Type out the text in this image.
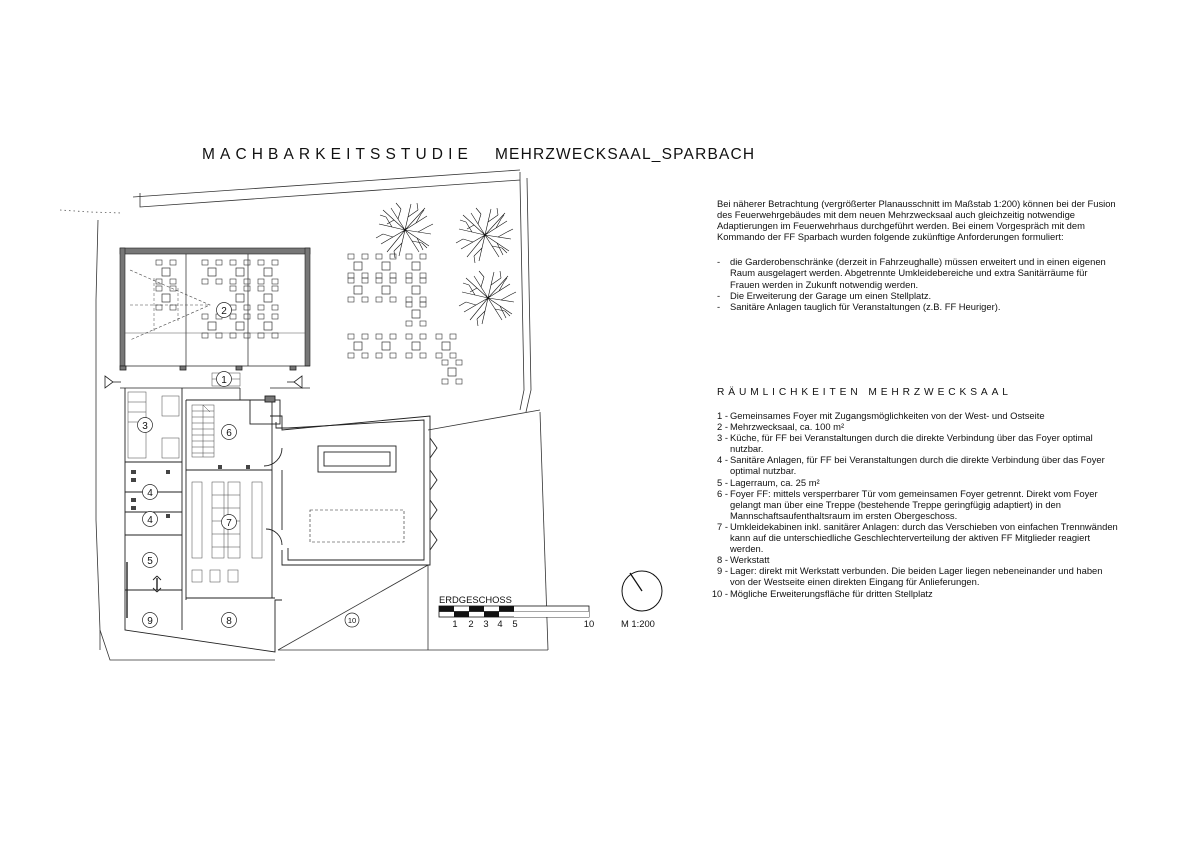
MACHBARKEITSSTUDIE MEHRZWECKSAAL_SPARBACH
1
2
3
4
4
5
6
7
8
9	10	1 2 3 4 5	10

Bei näherer Betrachtung (vergrößerter Planausschnitt im Maßstab 1:200) können bei der Fusion des Feuerwehrgebäudes mit dem neuen Mehrzwecksaal auch gleichzeitig notwendige Adaptierungen im Feuerwehrhaus durchgeführt werden. Bei einem Vorgespräch mit dem Kommando der FF Sparbach wurden folgende zukünftige Anforderungen formuliert:

- die Garderobenschränke (derzeit in Fahrzeughalle) müssen erweitert und in einen eigenen Raum ausgelagert werden. Abgetrennte Umkleidebereiche und extra Sanitärräume für Frauen werden in Zukunft notwendig werden.
- Die Erweiterung der Garage um einen Stellplatz.
- Sanitäre Anlagen tauglich für Veranstaltungen (z.B. FF Heuriger).
RÄUMLICHKEITEN MEHRZWECKSAAL
1 - Gemeinsames Foyer mit Zugangsmöglichkeiten von der West- und Ostseite
2 - Mehrzwecksaal, ca. 100 m²
3 - Küche, für FF bei Veranstaltungen durch die direkte Verbindung über das Foyer optimal nutzbar.
4 - Sanitäre Anlagen, für FF bei Veranstaltungen durch die direkte Verbindung über das Foyer optimal nutzbar.
5 - Lagerraum, ca. 25 m²
6 - Foyer FF: mittels versperrbarer Tür vom gemeinsamen Foyer getrennt. Direkt vom Foyer gelangt man über eine Treppe (bestehende Treppe geringfügig adaptiert) in den Mannschaftsaufenthaltsraum im ersten Obergeschoss.
7 - Umkleidekabinen inkl. sanitärer Anlagen: durch das Verschieben von einfachen Trennwänden kann auf die unterschiedliche Geschlechterverteilung der aktiven FF Mitglieder reagiert werden.
8 - Werkstatt
9 - Lager: direkt mit Werkstatt verbunden. Die beiden Lager liegen nebeneinander und haben von der Westseite einen direkten Eingang für Anlieferungen.
10 - Mögliche Erweiterungsfläche für dritten Stellplatz
ERDGESCHOSS
M 1:200
